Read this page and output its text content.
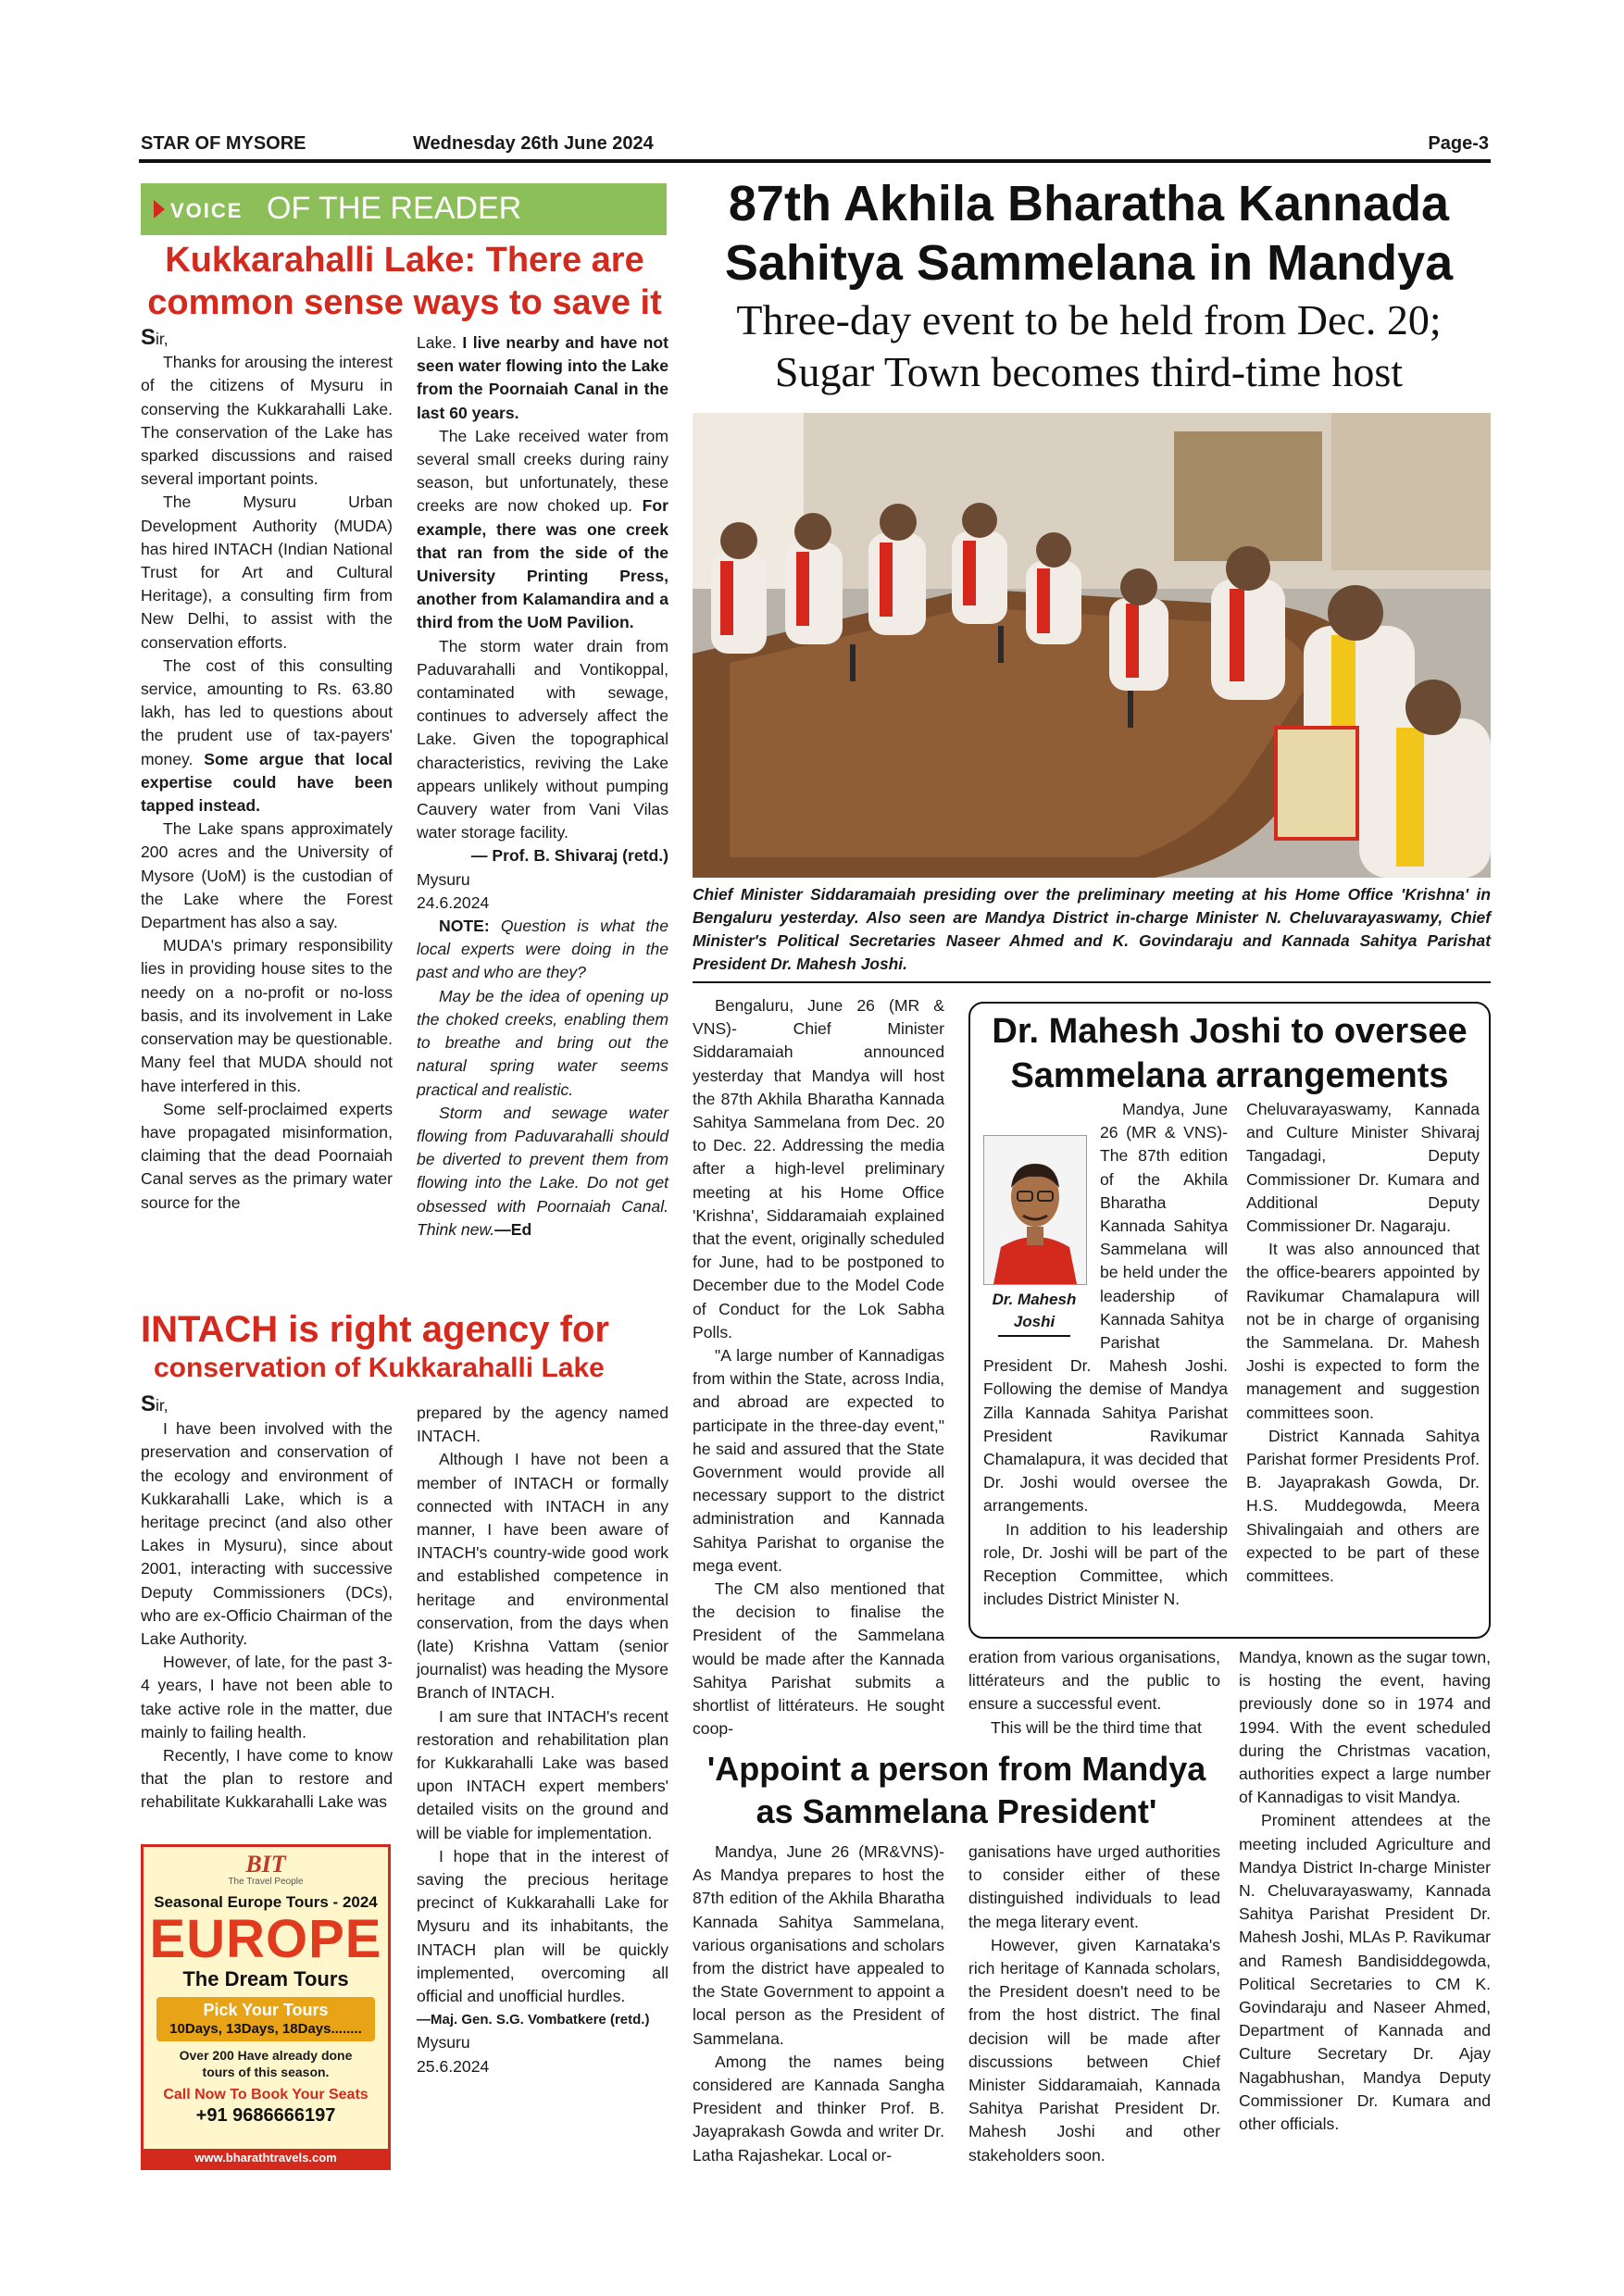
STAR OF MYSORE	Wednesday 26th June 2024	Page-3
VOICE OF THE READER
Kukkarahalli Lake: There are
common sense ways to save it

Sir,

Thanks for arousing the interest of the citizens of Mysuru in conserving the Kukkarahalli Lake. The conservation of the Lake has sparked discussions and raised several important points.

The Mysuru Urban Development Authority (MUDA) has hired INTACH (Indian National Trust for Art and Cultural Heritage), a consulting firm from New Delhi, to assist with the conservation efforts.

The cost of this consulting service, amounting to Rs. 63.80 lakh, has led to questions about the prudent use of tax-payers' money. Some argue that local expertise could have been tapped instead.

The Lake spans approximately 200 acres and the University of Mysore (UoM) is the custodian of the Lake where the Forest Department has also a say.

MUDA's primary responsibility lies in providing house sites to the needy on a no-profit or no-loss basis, and its involvement in Lake conservation may be questionable. Many feel that MUDA should not have interfered in this.

Some self-proclaimed experts have propagated misinformation, claiming that the dead Poornaiah Canal serves as the primary water source for the

Lake. I live nearby and have not seen water flowing into the Lake from the Poornaiah Canal in the last 60 years.

The Lake received water from several small creeks during rainy season, but unfortunately, these creeks are now choked up. For example, there was one creek that ran from the side of the University Printing Press, another from Kalamandira and a third from the UoM Pavilion.

The storm water drain from Paduvarahalli and Vontikoppal, contaminated with sewage, continues to adversely affect the Lake. Given the topographical characteristics, reviving the Lake appears unlikely without pumping Cauvery water from Vani Vilas water storage facility.

— Prof. B. Shivaraj (retd.)

Mysuru

24.6.2024

NOTE: Question is what the local experts were doing in the past and who are they?

May be the idea of opening up the choked creeks, enabling them to breathe and bring out the natural spring water seems practical and realistic.

Storm and sewage water flowing from Paduvarahalli should be diverted to prevent them from flowing into the Lake. Do not get obsessed with Poornaiah Canal. Think new.—Ed

INTACH is right agency for
conservation of Kukkarahalli Lake

Sir,

I have been involved with the preservation and conservation of the ecology and environment of Kukkarahalli Lake, which is a heritage precinct (and also other Lakes in Mysuru), since about 2001, interacting with successive Deputy Commissioners (DCs), who are ex-Officio Chairman of the Lake Authority.

However, of late, for the past 3-4 years, I have not been able to take active role in the matter, due mainly to failing health.

Recently, I have come to know that the plan to restore and rehabilitate Kukkarahalli Lake was

prepared by the agency named INTACH.

Although I have not been a member of INTACH or formally connected with INTACH in any manner, I have been aware of INTACH's country-wide good work and established competence in heritage and environmental conservation, from the days when (late) Krishna Vattam (senior journalist) was heading the Mysore Branch of INTACH.

I am sure that INTACH's recent restoration and rehabilitation plan for Kukkarahalli Lake was based upon INTACH expert members' detailed visits on the ground and will be viable for implementation.

I hope that in the interest of saving the precious heritage precinct of Kukkarahalli Lake for Mysuru and its inhabitants, the INTACH plan will be quickly implemented, overcoming all official and unofficial hurdles.

—Maj. Gen. S.G. Vombatkere (retd.)

Mysuru

25.6.2024

BIT
The Travel People
Seasonal Europe Tours - 2024
EUROPE
The Dream Tours
Pick Your Tours
10Days, 13Days, 18Days........
Over 200 Have already done
tours of this season.
Call Now To Book Your Seats
+91 9686666197
www.bharathtravels.com
87th Akhila Bharatha Kannada
Sahitya Sammelana in Mandya
Three-day event to be held from Dec. 20;
Sugar Town becomes third-time host
Chief Minister Siddaramaiah presiding over the preliminary meeting at his Home Office 'Krishna' in Bengaluru yesterday. Also seen are Mandya District in-charge Minister N. Cheluvarayaswamy, Chief Minister's Political Secretaries Naseer Ahmed and K. Govindaraju and Kannada Sahitya Parishat President Dr. Mahesh Joshi.

Bengaluru, June 26 (MR & VNS)- Chief Minister Siddaramaiah announced yesterday that Mandya will host the 87th Akhila Bharatha Kannada Sahitya Sammelana from Dec. 20 to Dec. 22. Addressing the media after a high-level preliminary meeting at his Home Office 'Krishna', Siddaramaiah explained that the event, originally scheduled for June, had to be postponed to December due to the Model Code of Conduct for the Lok Sabha Polls.

"A large number of Kannadigas from within the State, across India, and abroad are expected to participate in the three-day event," he said and assured that the State Government would provide all necessary support to the district administration and Kannada Sahitya Parishat to organise the mega event.

The CM also mentioned that the decision to finalise the President of the Sammelana would be made after the Kannada Sahitya Parishat submits a shortlist of littérateurs. He sought coop-

Dr. Mahesh Joshi to oversee
Sammelana arrangements
Dr. Mahesh
Joshi

Mandya, June 26 (MR & VNS)- The 87th edition of the Akhila Bharatha Kannada Sahitya Sammelana will be held under the leadership of Kannada Sahitya

Parishat President Dr. Mahesh Joshi. Following the demise of Mandya Zilla Kannada Sahitya Parishat President Ravikumar Chamalapura, it was decided that Dr. Joshi would oversee the arrangements.

In addition to his leadership role, Dr. Joshi will be part of the Reception Committee, which includes District Minister N.

Cheluvarayaswamy, Kannada and Culture Minister Shivaraj Tangadagi, Deputy Commissioner Dr. Kumara and Additional Deputy Commissioner Dr. Nagaraju.

It was also announced that the office-bearers appointed by Ravikumar Chamalapura will not be in charge of organising the Sammelana. Dr. Mahesh Joshi is expected to form the management and suggestion committees soon.

District Kannada Sahitya Parishat former Presidents Prof. B. Jayaprakash Gowda, Dr. H.S. Muddegowda, Meera Shivalingaiah and others are expected to be part of these committees.

eration from various organisations, littérateurs and the public to ensure a successful event.

This will be the third time that

Mandya, known as the sugar town, is hosting the event, having previously done so in 1974 and 1994. With the event scheduled during the Christmas vacation, authorities expect a large number of Kannadigas to visit Mandya.

Prominent attendees at the meeting included Agriculture and Mandya District In-charge Minister N. Cheluvarayaswamy, Kannada Sahitya Parishat President Dr. Mahesh Joshi, MLAs P. Ravikumar and Ramesh Bandisiddegowda, Political Secretaries to CM K. Govindaraju and Naseer Ahmed, Department of Kannada and Culture Secretary Dr. Ajay Nagabhushan, Mandya Deputy Commissioner Dr. Kumara and other officials.

'Appoint a person from Mandya
as Sammelana President'

Mandya, June 26 (MR&VNS)- As Mandya prepares to host the 87th edition of the Akhila Bharatha Kannada Sahitya Sammelana, various organisations and scholars from the district have appealed to the State Government to appoint a local person as the President of Sammelana.

Among the names being considered are Kannada Sangha President and thinker Prof. B. Jayaprakash Gowda and writer Dr. Latha Rajashekar. Local or-

ganisations have urged authorities to consider either of these distinguished individuals to lead the mega literary event.

However, given Karnataka's rich heritage of Kannada scholars, the President doesn't need to be from the host district. The final decision will be made after discussions between Chief Minister Siddaramaiah, Kannada Sahitya Parishat President Dr. Mahesh Joshi and other stakeholders soon.
